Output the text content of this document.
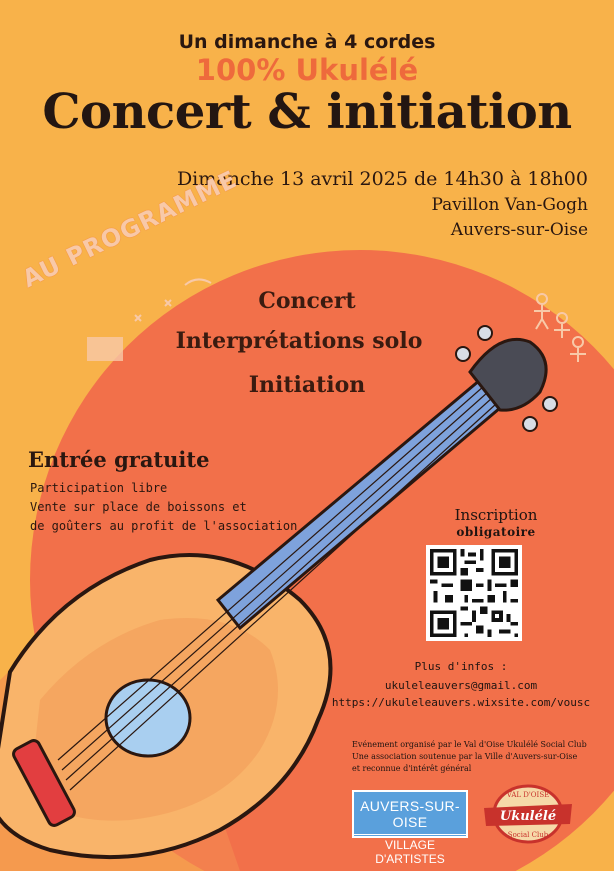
Un dimanche à 4 cordes
100% Ukulélé
Concert & initiation
Dimanche 13 avril 2025 de 14h30 à 18h00
Pavillon Van-Gogh
Auvers-sur-Oise
AU PROGRAMME
Concert
Interprétations solo
Initiation
Entrée gratuite
Participation libre
Vente sur place de boissons et
de goûters au profit de l'association
Inscription
obligatoire
Plus d'infos :
ukuleleauvers@gmail.com
https://ukuleleauvers.wixsite.com/vousc
Evénement organisé par le Val d'Oise Ukulélé Social Club
Une association soutenue par la Ville d'Auvers-sur-Oise
et reconnue d'intérêt général
AUVERS-SUR-OISE
VILLAGE D'ARTISTES
VAL D'OISE
Ukulélé
Social Club
